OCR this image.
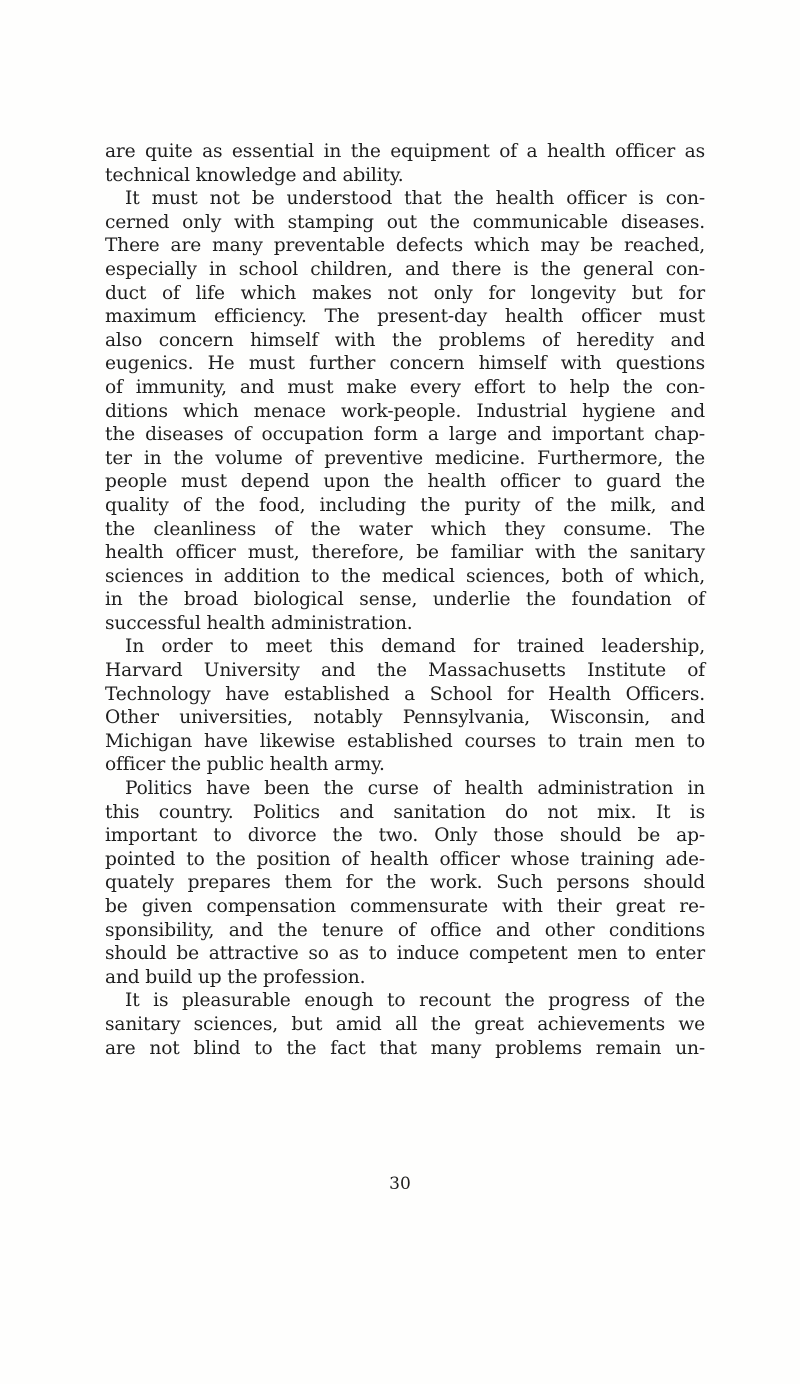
are quite as essential in the equipment of a health officer as
technical knowledge and ability.
It must not be understood that the health officer is con-
cerned only with stamping out the communicable diseases.
There are many preventable defects which may be reached,
especially in school children, and there is the general con-
duct of life which makes not only for longevity but for
maximum efficiency. The present-day health officer must
also concern himself with the problems of heredity and
eugenics. He must further concern himself with questions
of immunity, and must make every effort to help the con-
ditions which menace work-people. Industrial hygiene and
the diseases of occupation form a large and important chap-
ter in the volume of preventive medicine. Furthermore, the
people must depend upon the health officer to guard the
quality of the food, including the purity of the milk, and
the cleanliness of the water which they consume. The
health officer must, therefore, be familiar with the sanitary
sciences in addition to the medical sciences, both of which,
in the broad biological sense, underlie the foundation of
successful health administration.
In order to meet this demand for trained leadership,
Harvard University and the Massachusetts Institute of
Technology have established a School for Health Officers.
Other universities, notably Pennsylvania, Wisconsin, and
Michigan have likewise established courses to train men to
officer the public health army.
Politics have been the curse of health administration in
this country. Politics and sanitation do not mix. It is
important to divorce the two. Only those should be ap-
pointed to the position of health officer whose training ade-
quately prepares them for the work. Such persons should
be given compensation commensurate with their great re-
sponsibility, and the tenure of office and other conditions
should be attractive so as to induce competent men to enter
and build up the profession.
It is pleasurable enough to recount the progress of the
sanitary sciences, but amid all the great achievements we
are not blind to the fact that many problems remain un-
30
